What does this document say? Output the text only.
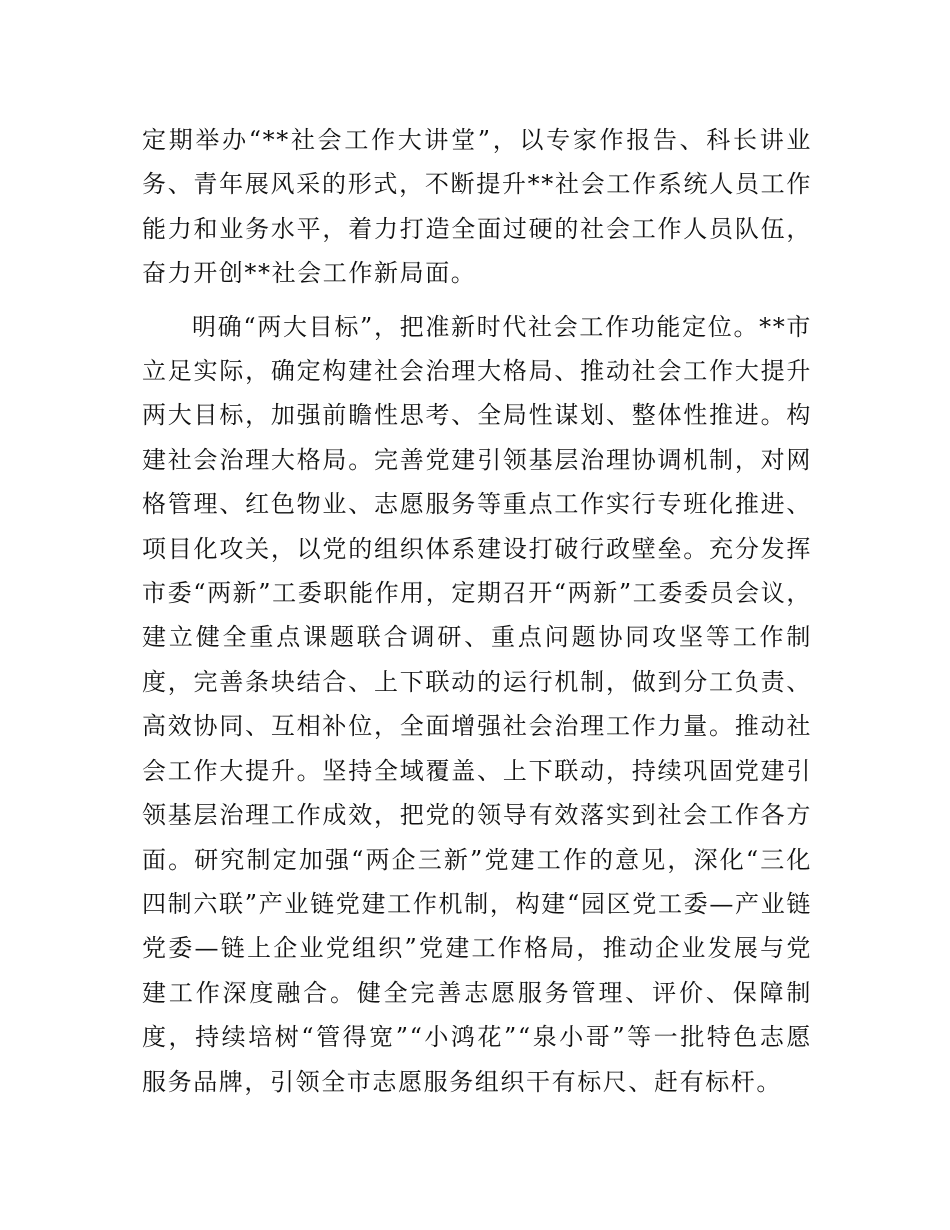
定期举办“**社会工作大讲堂”，以专家作报告、科长讲业务、青年展风采的形式，不断提升**社会工作系统人员工作能力和业务水平，着力打造全面过硬的社会工作人员队伍，奋力开创**社会工作新局面。

明确“两大目标”，把准新时代社会工作功能定位。**市立足实际，确定构建社会治理大格局、推动社会工作大提升两大目标，加强前瞻性思考、全局性谋划、整体性推进。构建社会治理大格局。完善党建引领基层治理协调机制，对网格管理、红色物业、志愿服务等重点工作实行专班化推进、项目化攻关，以党的组织体系建设打破行政壁垒。充分发挥市委“两新”工委职能作用，定期召开“两新”工委委员会议，建立健全重点课题联合调研、重点问题协同攻坚等工作制度，完善条块结合、上下联动的运行机制，做到分工负责、高效协同、互相补位，全面增强社会治理工作力量。推动社会工作大提升。坚持全域覆盖、上下联动，持续巩固党建引领基层治理工作成效，把党的领导有效落实到社会工作各方面。研究制定加强“两企三新”党建工作的意见，深化“三化四制六联”产业链党建工作机制，构建“园区党工委—产业链党委—链上企业党组织”党建工作格局，推动企业发展与党建工作深度融合。健全完善志愿服务管理、评价、保障制度，持续培树“管得宽”“小鸿花”“泉小哥”等一批特色志愿服务品牌，引领全市志愿服务组织干有标尺、赶有标杆。
